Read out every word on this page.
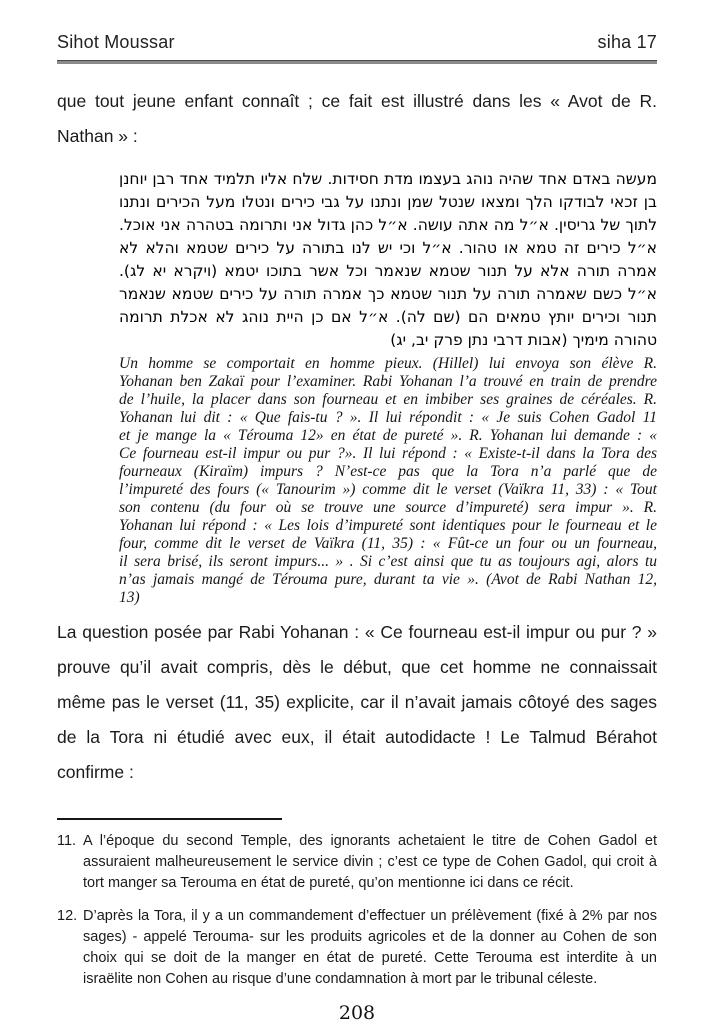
Sihot Moussar	siha 17

que tout jeune enfant connaît ; ce fait est illustré dans les « Avot de R. Nathan » :

מעשה באדם אחד שהיה נוהג בעצמו מדת חסידות. שלח אליו תלמיד אחד רבן יוחנן בן זכאי לבודקו הלך ומצאו שנטל שמן ונתנו על גבי כירים ונטלו מעל הכירים ונתנו לתוך של גריסין. א״ל מה אתה עושה. א״ל כהן גדול אני ותרומה בטהרה אני אוכל. א״ל כירים זה טמא או טהור. א״ל וכי יש לנו בתורה על כירים שטמא והלא לא אמרה תורה אלא על תנור שטמא שנאמר וכל אשר בתוכו יטמא (ויקרא יא לג). א״ל כשם שאמרה תורה על תנור שטמא כך אמרה תורה על כירים שטמא שנאמר תנור וכירים יותץ טמאים הם (שם לה). א״ל אם כן היית נוהג לא אכלת תרומה טהורה מימיך (אבות דרבי נתן פרק יב, יג)
Un homme se comportait en homme pieux. (Hillel) lui envoya son élève R. Yohanan ben Zakaï pour l’examiner. Rabi Yohanan l’a trouvé en train de prendre de l’huile, la placer dans son fourneau et en imbiber ses graines de céréales. R. Yohanan lui dit : « Que fais-tu ? ». Il lui répondit : « Je suis Cohen Gadol 11 et je mange la « Térouma 12» en état de pureté ». R. Yohanan lui demande : « Ce fourneau est-il impur ou pur ?». Il lui répond : « Existe-t-il dans la Tora des fourneaux (Kiraïm) impurs ? N’est-ce pas que la Tora n’a parlé que de l’impureté des fours (« Tanourim ») comme dit le verset (Vaïkra 11, 33) : « Tout son contenu (du four où se trouve une source d’impureté) sera impur ». R. Yohanan lui répond : « Les lois d’impureté sont identiques pour le fourneau et le four, comme dit le verset de Vaïkra (11, 35) : « Fût-ce un four ou un fourneau, il sera brisé, ils seront impurs... » . Si c’est ainsi que tu as toujours agi, alors tu n’as jamais mangé de Térouma pure, durant ta vie ». (Avot de Rabi Nathan 12, 13)

La question posée par Rabi Yohanan : « Ce fourneau est-il impur ou pur ? » prouve qu’il avait compris, dès le début, que cet homme ne connaissait même pas le verset (11, 35) explicite, car il n’avait jamais côtoyé des sages de la Tora ni étudié avec eux, il était autodidacte ! Le Talmud Bérahot confirme :

11. A l’époque du second Temple, des ignorants achetaient le titre de Cohen Gadol et assuraient malheureusement le service divin ; c’est ce type de Cohen Gadol, qui croit à tort manger sa Terouma en état de pureté, qu’on mentionne ici dans ce récit.
12. D’après la Tora, il y a un commandement d’effectuer un prélèvement (fixé à 2% par nos sages) - appelé Terouma- sur les produits agricoles et de la donner au Cohen de son choix qui se doit de la manger en état de pureté. Cette Terouma est interdite à un israëlite non Cohen au risque d’une condamnation à mort par le tribunal céleste.
208
